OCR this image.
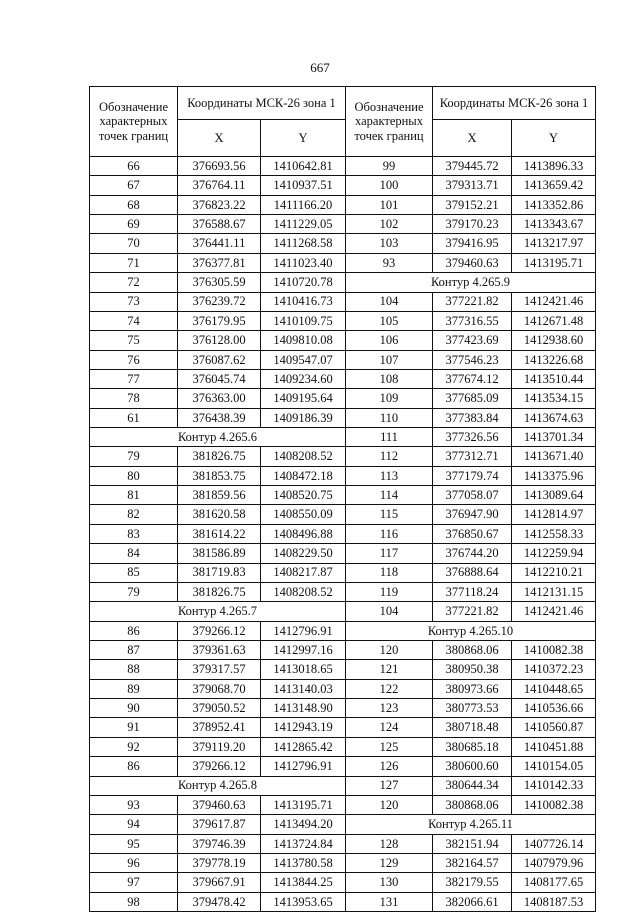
667
Обозначение характерных точек границ	Координаты МСК-26 зона 1	
	X	Y
66	376693.56	1410642.81
67	376764.11	1410937.51
68	376823.22	1411166.20
69	376588.67	1411229.05
70	376441.11	1411268.58
71	376377.81	1411023.40
72	376305.59	1410720.78
73	376239.72	1410416.73
74	376179.95	1410109.75
75	376128.00	1409810.08
76	376087.62	1409547.07
77	376045.74	1409234.60
78	376363.00	1409195.64
61	376438.39	1409186.39
Контур 4.265.6		
79	381826.75	1408208.52
80	381853.75	1408472.18
81	381859.56	1408520.75
82	381620.58	1408550.09
83	381614.22	1408496.88
84	381586.89	1408229.50
85	381719.83	1408217.87
79	381826.75	1408208.52
Контур 4.265.7		
86	379266.12	1412796.91
87	379361.63	1412997.16
88	379317.57	1413018.65
89	379068.70	1413140.03
90	379050.52	1413148.90
91	378952.41	1412943.19
92	379119.20	1412865.42
86	379266.12	1412796.91
Контур 4.265.8		
93	379460.63	1413195.71
94	379617.87	1413494.20
95	379746.39	1413724.84
96	379778.19	1413780.58
97	379667.91	1413844.25
98	379478.42	1413953.65
Обозначение характерных точек границ	Координаты МСК-26 зона 1	
	X	Y
99	379445.72	1413896.33
100	379313.71	1413659.42
101	379152.21	1413352.86
102	379170.23	1413343.67
103	379416.95	1413217.97
93	379460.63	1413195.71
Контур 4.265.9		
104	377221.82	1412421.46
105	377316.55	1412671.48
106	377423.69	1412938.60
107	377546.23	1413226.68
108	377674.12	1413510.44
109	377685.09	1413534.15
110	377383.84	1413674.63
111	377326.56	1413701.34
112	377312.71	1413671.40
113	377179.74	1413375.96
114	377058.07	1413089.64
115	376947.90	1412814.97
116	376850.67	1412558.33
117	376744.20	1412259.94
118	376888.64	1412210.21
119	377118.24	1412131.15
104	377221.82	1412421.46
Контур 4.265.10		
120	380868.06	1410082.38
121	380950.38	1410372.23
122	380973.66	1410448.65
123	380773.53	1410536.66
124	380718.48	1410560.87
125	380685.18	1410451.88
126	380600.60	1410154.05
127	380644.34	1410142.33
120	380868.06	1410082.38
Контур 4.265.11		
128	382151.94	1407726.14
129	382164.57	1407979.96
130	382179.55	1408177.65
131	382066.61	1408187.53
